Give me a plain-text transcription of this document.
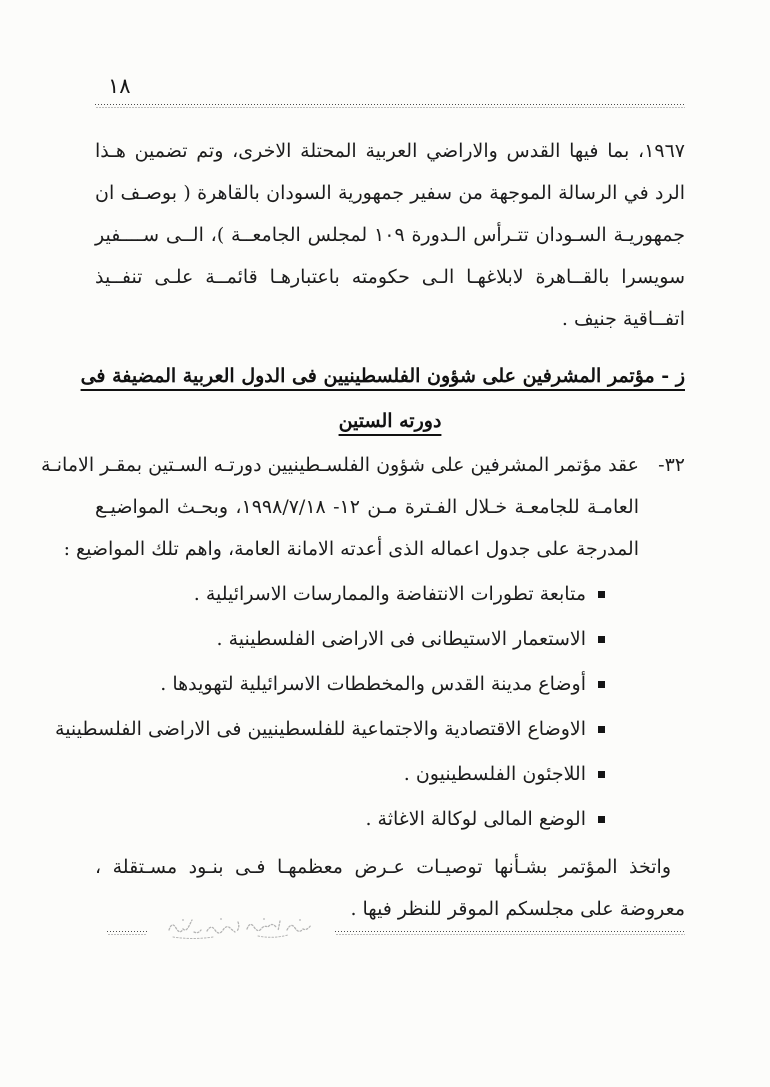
١٨
١٩٦٧، بما فيها القدس والاراضي العربية المحتلة الاخرى، وتم تضمين هـذا
الرد في الرسالة الموجهة من سفير جمهورية السودان بالقاهرة ( بوصـف ان
جمهوريـة السـودان تتـرأس الـدورة ١٠٩ لمجلس الجامعــة )، الــى ســــفير
سويسرا بالقــاهرة لابلاغهـا الـى حكومته باعتبارهـا قائمــة علـى تنفــيذ
اتفــاقية جنيف .
ز - مؤتمر المشرفين على شؤون الفلسطينيين فى الدول العربية المضيفة فى
دورته الستين
٣٢-
عقد مؤتمر المشرفين على شؤون الفلسـطينيين دورتـه السـتين بمقـر الامانـة
العامـة للجامعـة خـلال الفـترة مـن ١٢- ١٩٩٨/٧/١٨، وبحـث المواضيـع
المدرجة على جدول اعماله الذى أعدته الامانة العامة، واهم تلك المواضيع :
متابعة تطورات الانتفاضة والممارسات الاسرائيلية .
الاستعمار الاستيطانى فى الاراضى الفلسطينية .
أوضاع مدينة القدس والمخططات الاسرائيلية لتهويدها .
الاوضاع الاقتصادية والاجتماعية للفلسطينيين فى الاراضى الفلسطينية
اللاجئون الفلسطينيون .
الوضع المالى لوكالة الاغاثة .
واتخذ المؤتمر بشـأنها توصيـات عـرض معظمهـا فـى بنـود مسـتقلة ،
معروضة على مجلسكم الموقر للنظر فيها .
